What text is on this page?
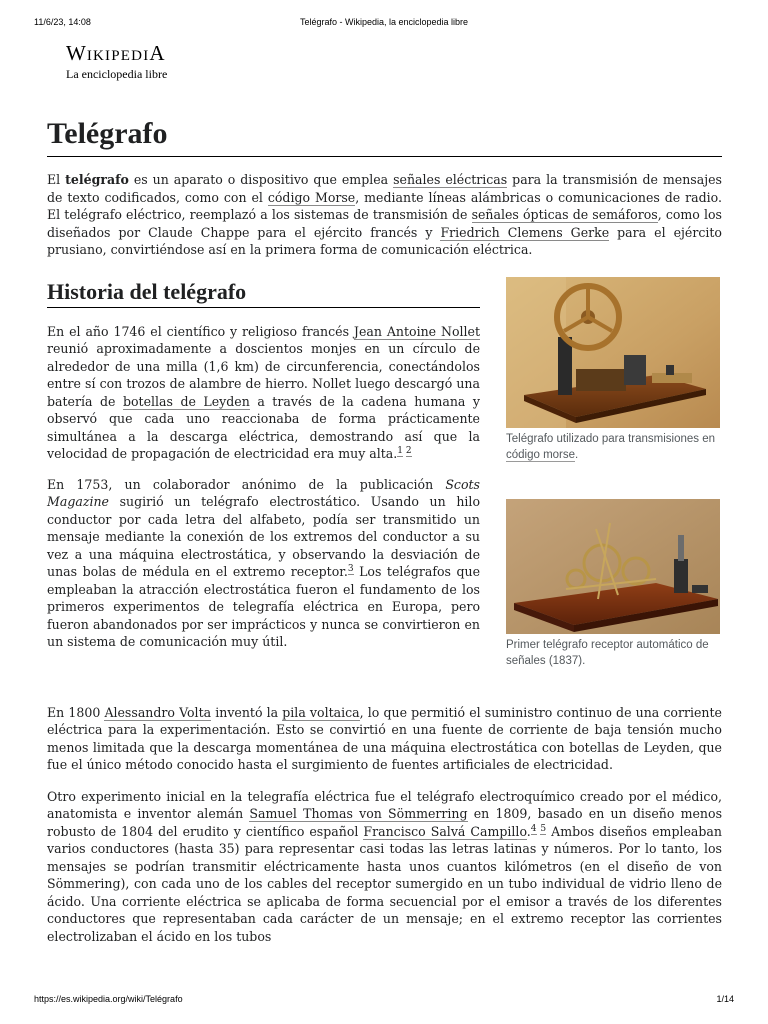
11/6/23, 14:08	Telégrafo - Wikipedia, la enciclopedia libre
WIKIPEDIA
La enciclopedia libre
Telégrafo

El telégrafo es un aparato o dispositivo que emplea señales eléctricas para la transmisión de mensajes de texto codificados, como con el código Morse, mediante líneas alámbricas o comunicaciones de radio. El telégrafo eléctrico, reemplazó a los sistemas de transmisión de señales ópticas de semáforos, como los diseñados por Claude Chappe para el ejército francés y Friedrich Clemens Gerke para el ejército prusiano, convirtiéndose así en la primera forma de comunicación eléctrica.

Historia del telégrafo

En el año 1746 el científico y religioso francés Jean Antoine Nollet reunió aproximadamente a doscientos monjes en un círculo de alrededor de una milla (1,6 km) de circunferencia, conectándolos entre sí con trozos de alambre de hierro. Nollet luego descargó una batería de botellas de Leyden a través de la cadena humana y observó que cada uno reaccionaba de forma prácticamente simultánea a la descarga eléctrica, demostrando así que la velocidad de propagación de electricidad era muy alta.$^{1 2}$

En 1753, un colaborador anónimo de la publicación Scots Magazine sugirió un telégrafo electrostático. Usando un hilo conductor por cada letra del alfabeto, podía ser transmitido un mensaje mediante la conexión de los extremos del conductor a su vez a una máquina electrostática, y observando la desviación de unas bolas de médula en el extremo receptor.$^3$ Los telégrafos que empleaban la atracción electrostática fueron el fundamento de los primeros experimentos de telegrafía eléctrica en Europa, pero fueron abandonados por ser imprácticos y nunca se convirtieron en un sistema de comunicación muy útil.

Telégrafo utilizado para transmisiones en código morse.
Primer telégrafo receptor automático de señales (1837).

En 1800 Alessandro Volta inventó la pila voltaica, lo que permitió el suministro continuo de una corriente eléctrica para la experimentación. Esto se convirtió en una fuente de corriente de baja tensión mucho menos limitada que la descarga momentánea de una máquina electrostática con botellas de Leyden, que fue el único método conocido hasta el surgimiento de fuentes artificiales de electricidad.

Otro experimento inicial en la telegrafía eléctrica fue el telégrafo electroquímico creado por el médico, anatomista e inventor alemán Samuel Thomas von Sömmerring en 1809, basado en un diseño menos robusto de 1804 del erudito y científico español Francisco Salvá Campillo.$^{4 5}$ Ambos diseños empleaban varios conductores (hasta 35) para representar casi todas las letras latinas y números. Por lo tanto, los mensajes se podrían transmitir eléctricamente hasta unos cuantos kilómetros (en el diseño de von Sömmering), con cada uno de los cables del receptor sumergido en un tubo individual de vidrio lleno de ácido. Una corriente eléctrica se aplicaba de forma secuencial por el emisor a través de los diferentes conductores que representaban cada carácter de un mensaje; en el extremo receptor las corrientes electrolizaban el ácido en los tubos

https://es.wikipedia.org/wiki/Telégrafo	1/14
